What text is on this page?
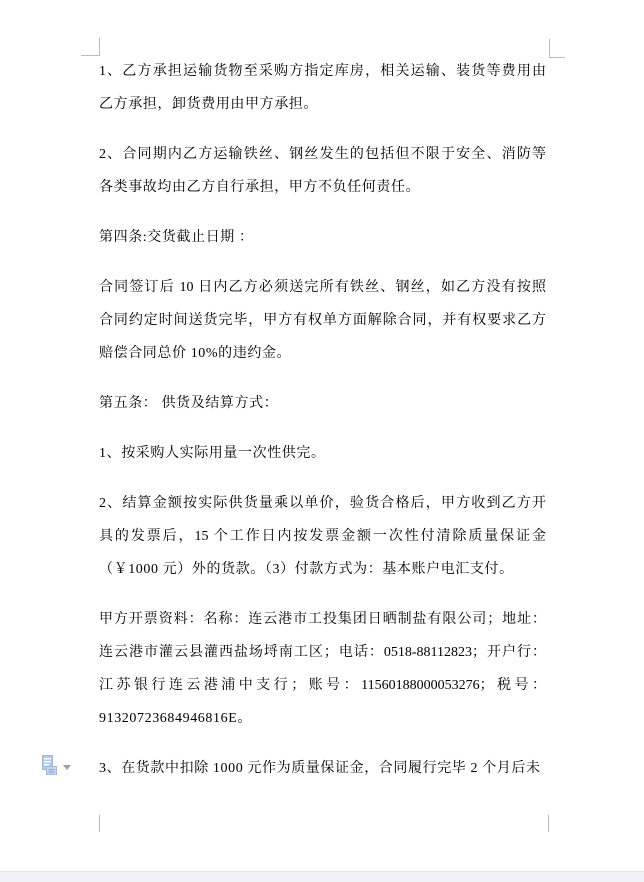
1、乙方承担运输货物至采购方指定库房，相关运输、装货等费用由
乙方承担，卸货费用由甲方承担。
2、合同期内乙方运输铁丝、钢丝发生的包括但不限于安全、消防等
各类事故均由乙方自行承担，甲方不负任何责任。
第四条:交货截止日期 ：
合同签订后 10 日内乙方必须送完所有铁丝、钢丝，如乙方没有按照
合同约定时间送货完毕，甲方有权单方面解除合同，并有权要求乙方
赔偿合同总价 10%的违约金。
第五条： 供货及结算方式：
1、按采购人实际用量一次性供完。
2、结算金额按实际供货量乘以单价，验货合格后，甲方收到乙方开
具的发票后，15 个工作日内按发票金额一次性付清除质量保证金
（￥1000 元）外的货款。（3）付款方式为：基本账户电汇支付。
甲方开票资料：名称：连云港市工投集团日晒制盐有限公司；地址：
连云港市灌云县灌西盐场埒南工区；电话：0518-88112823；开户行：
江苏银行连云港浦中支行；账号：11560188000053276；税号：
91320723684946816E。
3、在货款中扣除 1000 元作为质量保证金，合同履行完毕 2 个月后未
